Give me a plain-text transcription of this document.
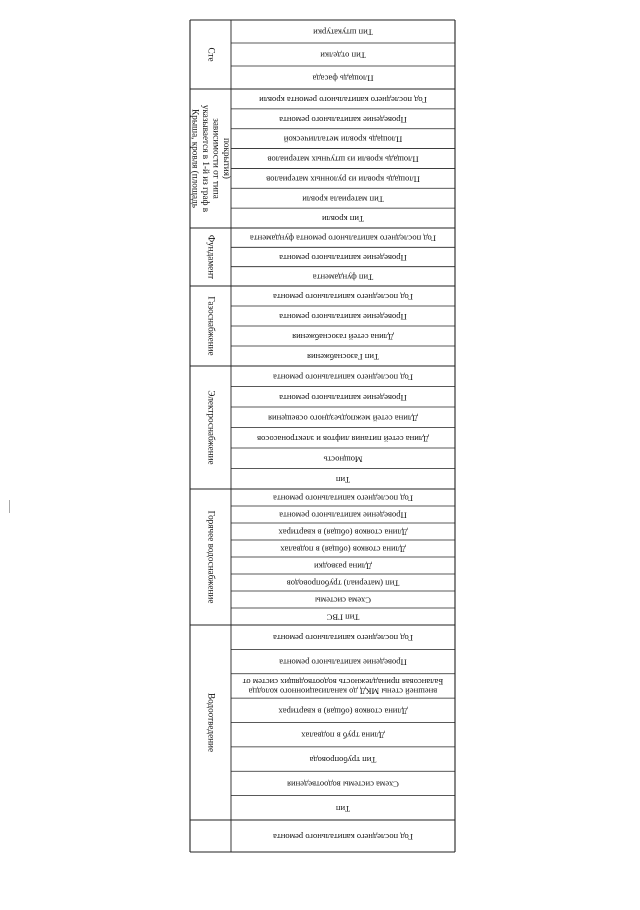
Сте
Тип штукатурки
Тип отделки
Площадь фасада
Крыша, кровля (площадь указывается в 1-й из граф в зависимости от типа покрытия)
Год последнего капитального ремонта кровли
Проведение капитального ремонта
Площадь кровли металлической
Площадь кровли из штучных материалов
Площадь кровли из рулонных материалов
Тип материала кровли
Тип кровли
Фундамент	Год последнего капитального ремонта фундамента
Проведение капитального ремонта
Тип фундамента
Газоснабжение	Год последнего капитального ремонта
Проведение капитального ремонта
Длина сетей газоснабжения
Тип Газоснабжения
Электроснабжение
Год последнего капитального ремонта
Проведение капитального ремонта
Длина сетей межподъездного освещения
Длина сетей питания лифтов и электронасосов
Мощность
Тип
Горячее водоснабжение
Год последнего капитального ремонта
Проведение капитального ремонта
Длина стояков (общая) в квартирах
Длина стояков (общая) в подвалах
Длина разводки
Тип (материал) трубопроводов
Схема системы
Тип ГВС
Водоотведение
Год последнего капитального ремонта
Проведение капитального ремонта
Балансовая принадлежность водоотводящих систем от
внешней стены МКД до канализационного колодца
Длина стояков (общая) в квартирах
Длина труб в подвалах
Тип трубопровода
Схема системы водоотведения
Тип
Год последнего капитального ремонта
